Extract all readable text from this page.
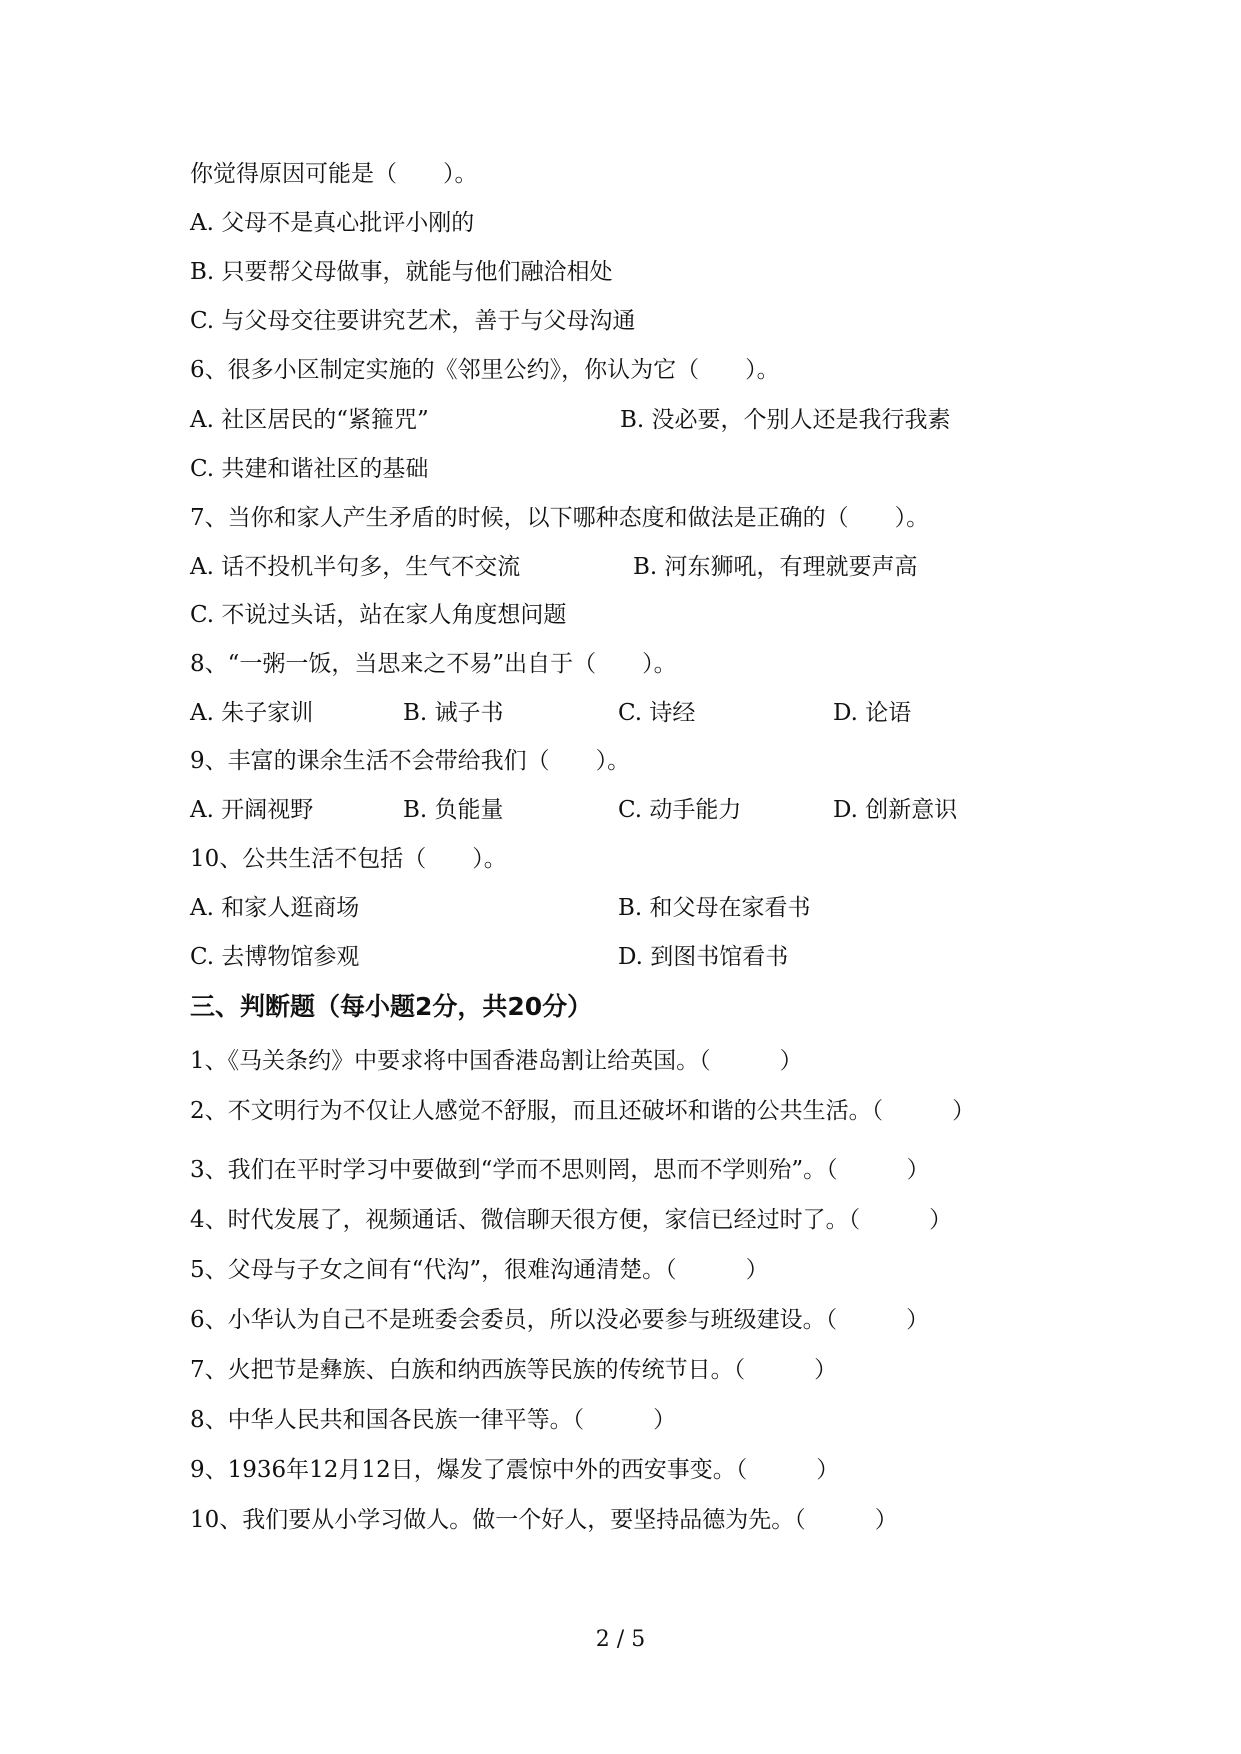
你觉得原因可能是（　　）。
A. 父母不是真心批评小刚的
B. 只要帮父母做事，就能与他们融洽相处
C. 与父母交往要讲究艺术，善于与父母沟通
6、很多小区制定实施的《邻里公约》，你认为它（　　）。
A. 社区居民的“紧箍咒”	B. 没必要，个别人还是我行我素
C. 共建和谐社区的基础
7、当你和家人产生矛盾的时候，以下哪种态度和做法是正确的（　　）。
A. 话不投机半句多，生气不交流	B. 河东狮吼，有理就要声高
C. 不说过头话，站在家人角度想问题
8、“一粥一饭，当思来之不易”出自于（　　）。
A. 朱子家训	B. 诫子书	C. 诗经	D. 论语
9、丰富的课余生活不会带给我们（　　）。
A. 开阔视野	B. 负能量	C. 动手能力	D. 创新意识
10、公共生活不包括（　　）。
A. 和家人逛商场	B. 和父母在家看书
C. 去博物馆参观	D. 到图书馆看书
三、判断题（每小题2分，共20分）
1、《马关条约》中要求将中国香港岛割让给英国。（　　　）
2、不文明行为不仅让人感觉不舒服，而且还破坏和谐的公共生活。（　　　）
3、我们在平时学习中要做到“学而不思则罔，思而不学则殆”。（　　　）
4、时代发展了，视频通话、微信聊天很方便，家信已经过时了。（　　　）
5、父母与子女之间有“代沟”，很难沟通清楚。（　　　）
6、小华认为自己不是班委会委员，所以没必要参与班级建设。（　　　）
7、火把节是彝族、白族和纳西族等民族的传统节日。（　　　）
8、中华人民共和国各民族一律平等。（　　　）
9、1936年12月12日，爆发了震惊中外的西安事变。（　　　）
10、我们要从小学习做人。做一个好人，要坚持品德为先。（　　　）
2 / 5
